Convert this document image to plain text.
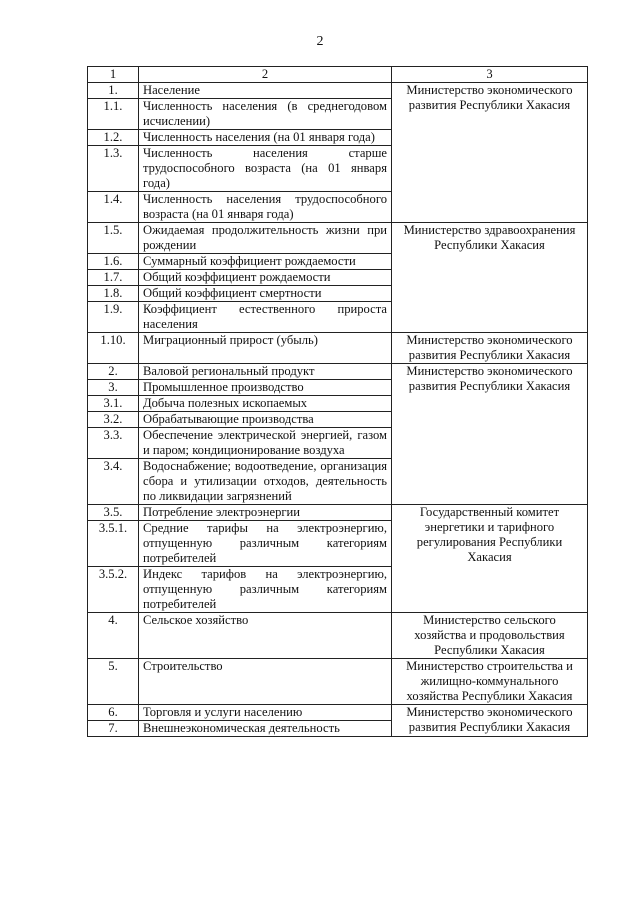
2
1	2	3
1.	Население	Министерство экономического развития Республики Хакасия
1.1.	Численность населения (в среднегодовом исчислении)	
1.2.	Численность населения (на 01 января года)	
1.3.	Численность населения старше трудоспособного возраста (на 01 января года)	
1.4.	Численность населения трудоспособного возраста (на 01 января года)	
1.5.	Ожидаемая продолжительность жизни при рождении	Министерство здравоохранения Республики Хакасия
1.6.	Суммарный коэффициент рождаемости	
1.7.	Общий коэффициент рождаемости	
1.8.	Общий коэффициент смертности	
1.9.	Коэффициент естественного прироста населения	
1.10.	Миграционный прирост (убыль)	Министерство экономического развития Республики Хакасия
2.	Валовой региональный продукт	Министерство экономического развития Республики Хакасия
3.	Промышленное производство	
3.1.	Добыча полезных ископаемых	
3.2.	Обрабатывающие производства	
3.3.	Обеспечение электрической энергией, газом и паром; кондиционирование воздуха	
3.4.	Водоснабжение; водоотведение, организация сбора и утилизации отходов, деятельность по ликвидации загрязнений	
3.5.	Потребление электроэнергии	Государственный комитет энергетики и тарифного регулирования Республики Хакасия
3.5.1.	Средние тарифы на электроэнергию, отпущенную различным категориям потребителей	
3.5.2.	Индекс тарифов на электроэнергию, отпущенную различным категориям потребителей	
4.	Сельское хозяйство	Министерство сельского хозяйства и продовольствия Республики Хакасия
5.	Строительство	Министерство строительства и жилищно-коммунального хозяйства Республики Хакасия
6.	Торговля и услуги населению	Министерство экономического развития Республики Хакасия
7.	Внешнеэкономическая деятельность	
